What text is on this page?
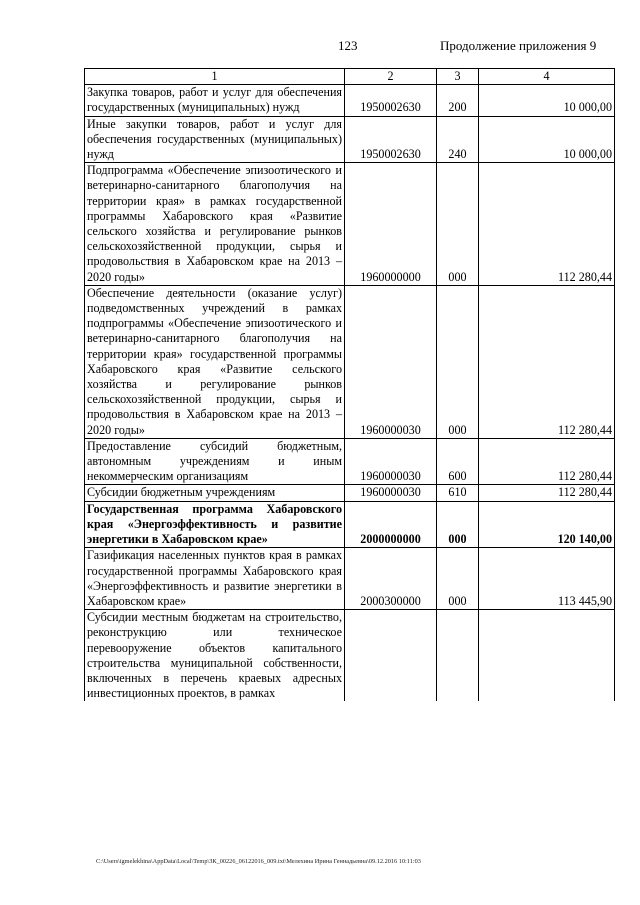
123	Продолжение приложения 9
1	2	3	4
Закупка товаров, работ и услуг для обеспечения государственных (муниципальных) нужд	1950002630	200	10 000,00
Иные закупки товаров, работ и услуг для обеспечения государственных (муниципальных) нужд	1950002630	240	10 000,00
Подпрограмма «Обеспечение эпизоотического и ветеринарно-санитарного благополучия на территории края» в рамках государственной программы Хабаровского края «Развитие сельского хозяйства и регулирование рынков сельскохозяйственной продукции, сырья и продовольствия в Хабаровском крае на 2013 – 2020 годы»	1960000000	000	112 280,44
Обеспечение деятельности (оказание услуг) подведомственных учреждений в рамках подпрограммы «Обеспечение эпизоотического и ветеринарно-санитарного благополучия на территории края» государственной программы Хабаровского края «Развитие сельского хозяйства и регулирование рынков сельскохозяйственной продукции, сырья и продовольствия в Хабаровском крае на 2013 – 2020 годы»	1960000030	000	112 280,44
Предоставление субсидий бюджетным, автономным учреждениям и иным некоммерческим организациям	1960000030	600	112 280,44
Субсидии бюджетным учреждениям	1960000030	610	112 280,44
Государственная программа Хабаровского края «Энергоэффективность и развитие энергетики в Хабаровском крае»	2000000000	000	120 140,00
Газификация населенных пунктов края в рамках государственной программы Хабаровского края «Энергоэффективность и развитие энергетики в Хабаровском крае»	2000300000	000	113 445,90
Субсидии местным бюджетам на строительство, реконструкцию или техническое перевооружение объектов капитального строительства муниципальной собственности, включенных в перечень краевых адресных инвестиционных проектов, в рамках			
C:\Users\igmelekhina\AppData\Local\Temp\ЗК_00226_06122016_009.txt\Мелехина Ирина Геннадьевна\09.12.2016 10:11:03
